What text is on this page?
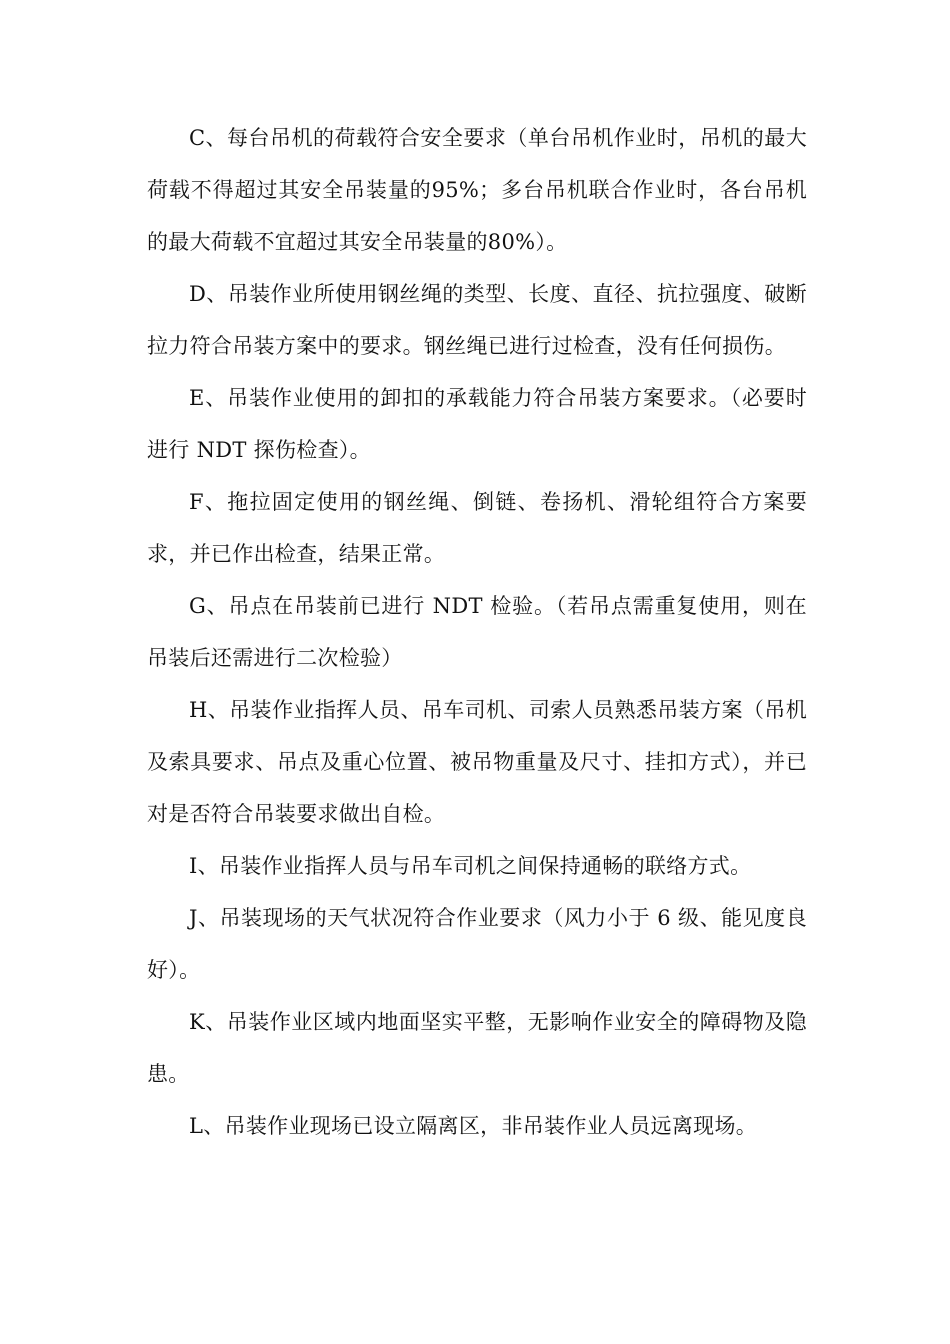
C、每台吊机的荷载符合安全要求（单台吊机作业时，吊机的最大荷载不得超过其安全吊装量的95%；多台吊机联合作业时，各台吊机的最大荷载不宜超过其安全吊装量的80%）。

D、吊装作业所使用钢丝绳的类型、长度、直径、抗拉强度、破断拉力符合吊装方案中的要求。钢丝绳已进行过检查，没有任何损伤。

E、吊装作业使用的卸扣的承载能力符合吊装方案要求。（必要时进行 NDT 探伤检查）。

F、拖拉固定使用的钢丝绳、倒链、卷扬机、滑轮组符合方案要求，并已作出检查，结果正常。

G、吊点在吊装前已进行 NDT 检验。（若吊点需重复使用，则在吊装后还需进行二次检验）

H、吊装作业指挥人员、吊车司机、司索人员熟悉吊装方案（吊机及索具要求、吊点及重心位置、被吊物重量及尺寸、挂扣方式），并已对是否符合吊装要求做出自检。

I、吊装作业指挥人员与吊车司机之间保持通畅的联络方式。

J、吊装现场的天气状况符合作业要求（风力小于 6 级、能见度良好）。

K、吊装作业区域内地面坚实平整，无影响作业安全的障碍物及隐患。

L、吊装作业现场已设立隔离区，非吊装作业人员远离现场。
